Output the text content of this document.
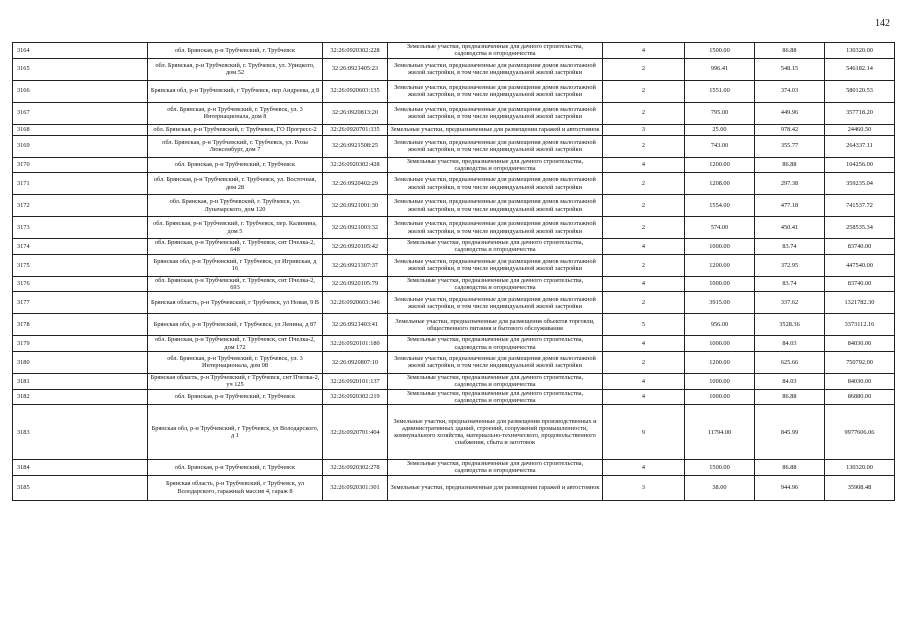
142
3164	обл. Брянская, р-н Трубчевский, г. Трубчевск	32:26:0920302:228	Земельные участки, предназначенные для дачного строительства, садоводства и огородничества	4	1500.00	86.88	130320.00
3165	обл. Брянская, р-н Трубчевский, г. Трубчевск, ул. Урицкого, дом 52	32:26:0921405:23	Земельные участки, предназначенные для размещения домов малоэтажной жилой застройки, в том числе индивидуальной жилой застройки	2	996.41	548.15	546182.14
3166	Брянская обл, р-н Трубчевский, г Трубчевск, пер Андреева, д 8	32:26:0920603:135	Земельные участки, предназначенные для размещения домов малоэтажной жилой застройки, в том числе индивидуальной жилой застройки	2	1551.00	374.03	580120.53
3167	обл. Брянская, р-н Трубчевский, г. Трубчевск, ул. 3 Интернационала, дом 8	32:26:0920813:20	Земельные участки, предназначенные для размещения домов малоэтажной жилой застройки, в том числе индивидуальной жилой застройки	2	795.00	449.96	357718.20
3168	обл. Брянская, р-н Трубчевский, г. Трубчевск, ГО Прогресс-2	32:26:0920701:335	Земельные участки, предназначенные для размещения гаражей и автостоянок	3	25.00	978.42	24460.50
3169	обл. Брянская, р-н Трубчевский, г. Трубчевск, ул. Розы Люксембург, дом 7	32:26:0921508:25	Земельные участки, предназначенные для размещения домов малоэтажной жилой застройки, в том числе индивидуальной жилой застройки	2	743.00	355.77	264337.11
3170	обл. Брянская, р-н Трубчевский, г. Трубчевск	32:26:0920302:428	Земельные участки, предназначенные для дачного строительства, садоводства и огородничества	4	1200.00	86.88	104256.00
3171	обл. Брянская, р-н Трубчевский, г. Трубчевск, ул. Восточная, дом 28	32:26:0920402:29	Земельные участки, предназначенные для размещения домов малоэтажной жилой застройки, в том числе индивидуальной жилой застройки	2	1208.00	297.38	359235.04
3172	обл. Брянская, р-н Трубчевский, г. Трубчевск, ул. Луначарского, дом 120	32:26:0921001:30	Земельные участки, предназначенные для размещения домов малоэтажной жилой застройки, в том числе индивидуальной жилой застройки	2	1554.00	477.18	741537.72
3173	обл. Брянская, р-н Трубчевский, г. Трубчевск, пер. Калинина, дом 5	32:26:0921003:32	Земельные участки, предназначенные для размещения домов малоэтажной жилой застройки, в том числе индивидуальной жилой застройки	2	574.00	450.41	258535.34
3174	обл. Брянская, р-н Трубчевский, г. Трубчевск, снт Пчелка-2, 648	32:26:0920105:42	Земельные участки, предназначенные для дачного строительства, садоводства и огородничества	4	1000.00	83.74	83740.00
3175	Брянская обл, р-н Трубчевский, г Трубчевск, ул Игривская, д 16	32:26:0921307:37	Земельные участки, предназначенные для размещения домов малоэтажной жилой застройки, в том числе индивидуальной жилой застройки	2	1200.00	372.95	447540.00
3176	обл. Брянская, р-н Трубчевский, г. Трубчевск, снт Пчелка-2, 693	32:26:0920105:79	Земельные участки, предназначенные для дачного строительства, садоводства и огородничества	4	1000.00	83.74	83740.00
3177	Брянская область, р-н Трубчевский, г Трубчевск, ул Новая, 9 В	32:26:0920603:346	Земельные участки, предназначенные для размещения домов малоэтажной жилой застройки, в том числе индивидуальной жилой застройки	2	3915.00	337.62	1321782.30
3178	Брянская обл, р-н Трубчевский, г Трубчевск, ул Ленина, д 87	32:26:0921403:41	Земельные участки, предназначенные для размещения объектов торговли, общественного питания и бытового обслуживания	5	956.00	3528.36	3373112.16
3179	обл. Брянская, р-н Трубчевский, г. Трубчевск, снт Пчелка-2, дом 172	32:26:0920101:180	Земельные участки, предназначенные для дачного строительства, садоводства и огородничества	4	1000.00	84.03	84030.00
3180	обл. Брянская, р-н Трубчевский, г. Трубчевск, ул. 3 Интернационала, дом 98	32:26:0920807:10	Земельные участки, предназначенные для размещения домов малоэтажной жилой застройки, в том числе индивидуальной жилой застройки	2	1200.00	625.66	750792.00
3181	Брянская область, р-н Трубчевский, г Трубчевск, снт Пчелка-2, уч 125	32:26:0920101:137	Земельные участки, предназначенные для дачного строительства, садоводства и огородничества	4	1000.00	84.03	84030.00
3182	обл. Брянская, р-н Трубчевский, г. Трубчевск	32:26:0920302:219	Земельные участки, предназначенные для дачного строительства, садоводства и огородничества	4	1000.00	86.88	86880.00
3183	Брянская обл, р-н Трубчевский, г Трубчевск, ул Володарского, д 1	32:26:0920701:404	Земельные участки, предназначенные для размещения производственных и административных зданий, строений, сооружений промышленности, коммунального хозяйства, материально-технического, продовольственного снабжения, сбыта и заготовок	9	11794.00	845.99	9977606.06
3184	обл. Брянская, р-н Трубчевский, г. Трубчевск	32:26:0920302:278	Земельные участки, предназначенные для дачного строительства, садоводства и огородничества	4	1500.00	86.88	130320.00
3185	Брянская область, р-н Трубчевский, г Трубчевск, ул Володарского, гаражный массив 4, гараж 8	32:26:0920301:301	Земельные участки, предназначенные для размещения гаражей и автостоянок	3	38.00	944.96	35908.48
